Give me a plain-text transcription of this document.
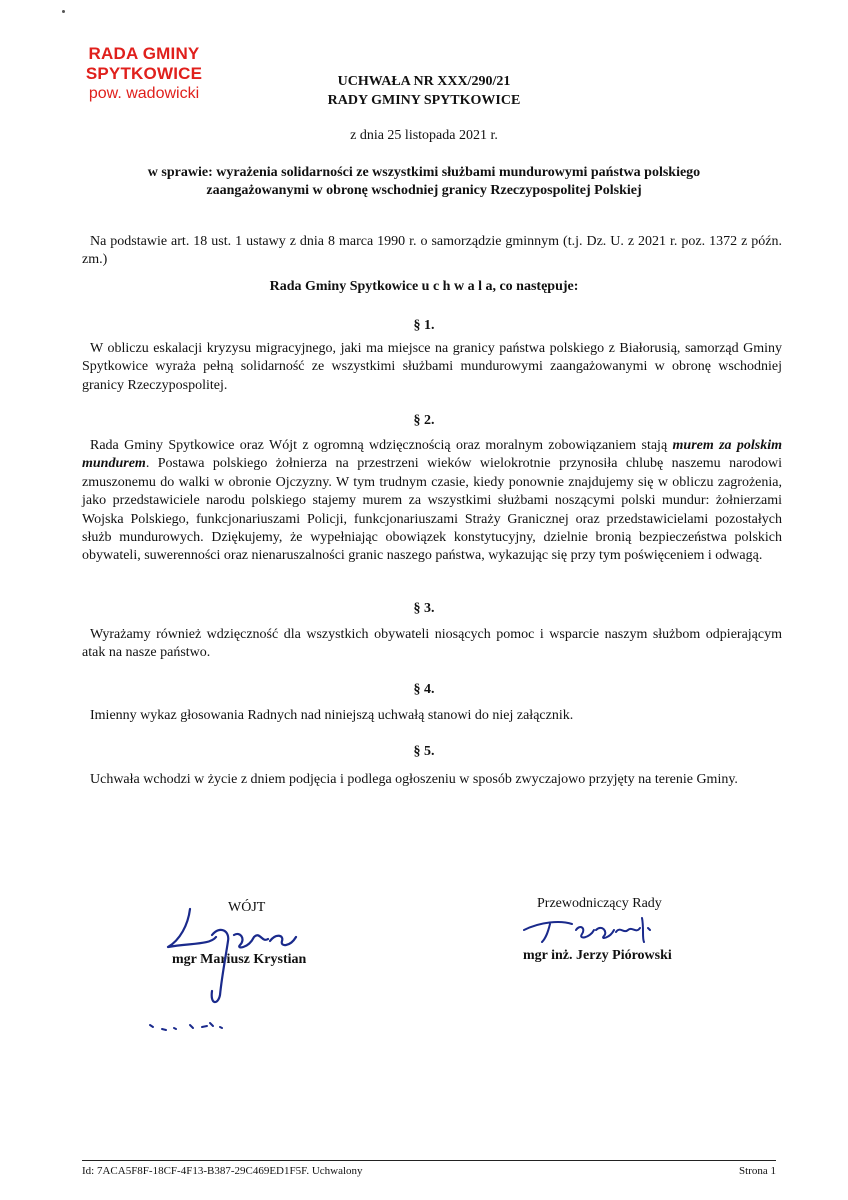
RADA GMINY SPYTKOWICE
pow. wadowicki
UCHWAŁA NR XXX/290/21
RADY GMINY SPYTKOWICE
z dnia 25 listopada 2021 r.
w sprawie: wyrażenia solidarności ze wszystkimi służbami mundurowymi państwa polskiego
zaangażowanymi w obronę wschodniej granicy Rzeczypospolitej Polskiej
Na podstawie art. 18 ust. 1 ustawy z dnia 8 marca 1990 r. o samorządzie gminnym (t.j. Dz. U. z 2021 r. poz. 1372 z późn. zm.)
Rada Gminy Spytkowice u c h w a l a, co następuje:
§ 1.
W obliczu eskalacji kryzysu migracyjnego, jaki ma miejsce na granicy państwa polskiego z Białorusią, samorząd Gminy Spytkowice wyraża pełną solidarność ze wszystkimi służbami mundurowymi zaangażowanymi w obronę wschodniej granicy Rzeczypospolitej.
§ 2.
Rada Gminy Spytkowice oraz Wójt z ogromną wdzięcznością oraz moralnym zobowiązaniem stają murem za polskim mundurem. Postawa polskiego żołnierza na przestrzeni wieków wielokrotnie przynosiła chlubę naszemu narodowi zmuszonemu do walki w obronie Ojczyzny. W tym trudnym czasie, kiedy ponownie znajdujemy się w obliczu zagrożenia, jako przedstawiciele narodu polskiego stajemy murem za wszystkimi służbami noszącymi polski mundur: żołnierzami Wojska Polskiego, funkcjonariuszami Policji, funkcjonariuszami Straży Granicznej oraz przedstawicielami pozostałych służb mundurowych. Dziękujemy, że wypełniając obowiązek konstytucyjny, dzielnie bronią bezpieczeństwa polskich obywateli, suwerenności oraz nienaruszalności granic naszego państwa, wykazując się przy tym poświęceniem i odwagą.
§ 3.
Wyrażamy również wdzięczność dla wszystkich obywateli niosących pomoc i wsparcie naszym służbom odpierającym atak na nasze państwo.
§ 4.
Imienny wykaz głosowania Radnych nad niniejszą uchwałą stanowi do niej załącznik.
§ 5.
Uchwała wchodzi w życie z dniem podjęcia i podlega ogłoszeniu w sposób zwyczajowo przyjęty na terenie Gminy.
WÓJT
mgr Mariusz Krystian
Przewodniczący Rady
mgr inż. Jerzy Piórowski
Id: 7ACA5F8F-18CF-4F13-B387-29C469ED1F5F. Uchwalony	Strona 1
